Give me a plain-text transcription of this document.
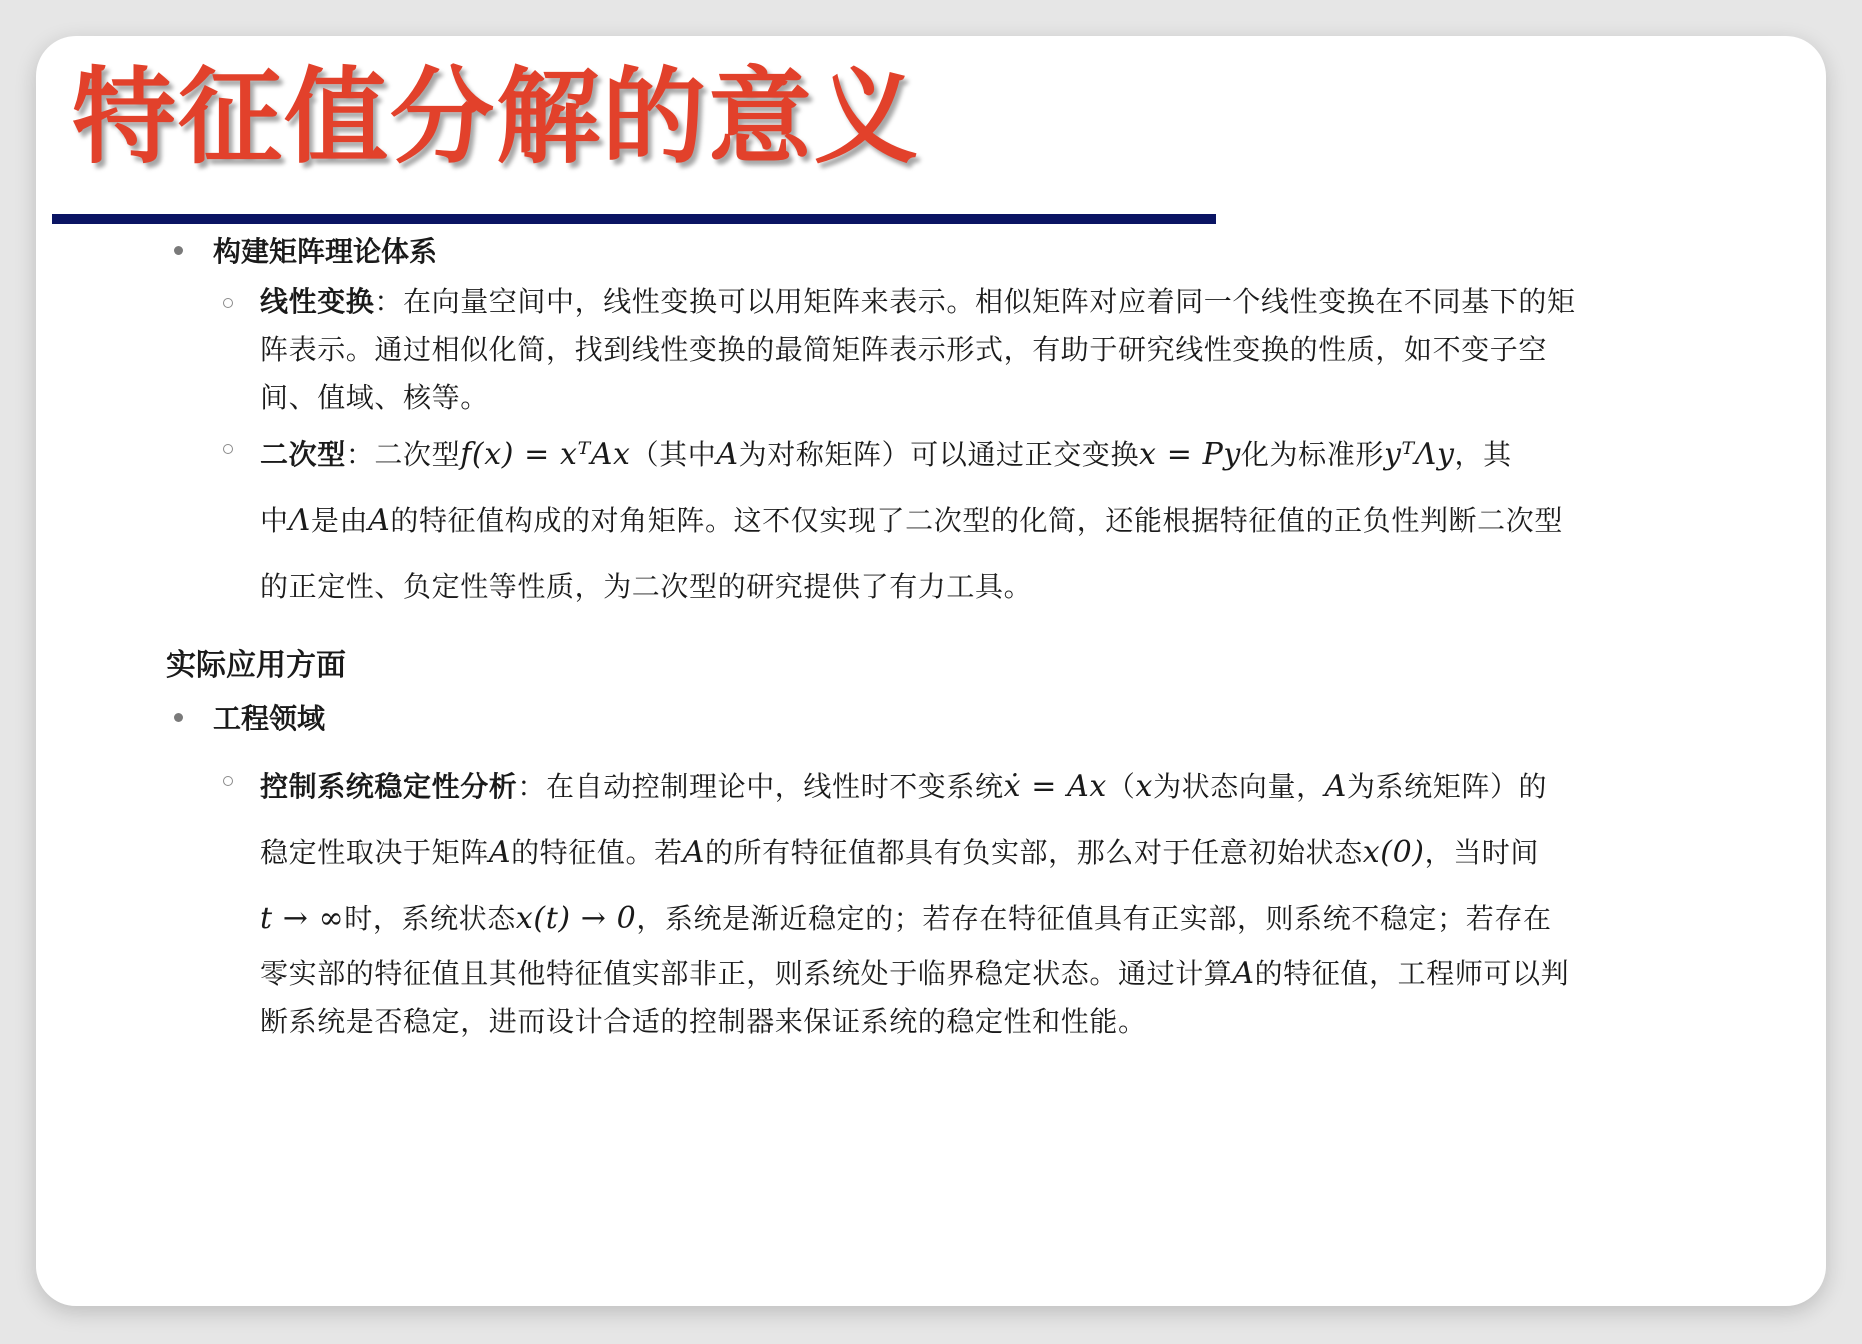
特征值分解的意义
构建矩阵理论体系
线性变换：在向量空间中，线性变换可以用矩阵来表示。相似矩阵对应着同一个线性变换在不同基下的矩
阵表示。通过相似化简，找到线性变换的最简矩阵表示形式，有助于研究线性变换的性质，如不变子空
间、值域、核等。
二次型：二次型f(x) = xᵀAx（其中A为对称矩阵）可以通过正交变换x = Py化为标准形yᵀΛy，其
中Λ是由A的特征值构成的对角矩阵。这不仅实现了二次型的化简，还能根据特征值的正负性判断二次型
的正定性、负定性等性质，为二次型的研究提供了有力工具。
实际应用方面
工程领域
控制系统稳定性分析：在自动控制理论中，线性时不变系统ẋ = Ax（x为状态向量，A为系统矩阵）的
稳定性取决于矩阵A的特征值。若A的所有特征值都具有负实部，那么对于任意初始状态x(0)，当时间
t → ∞时，系统状态x(t) → 0，系统是渐近稳定的；若存在特征值具有正实部，则系统不稳定；若存在
零实部的特征值且其他特征值实部非正，则系统处于临界稳定状态。通过计算A的特征值，工程师可以判
断系统是否稳定，进而设计合适的控制器来保证系统的稳定性和性能。
